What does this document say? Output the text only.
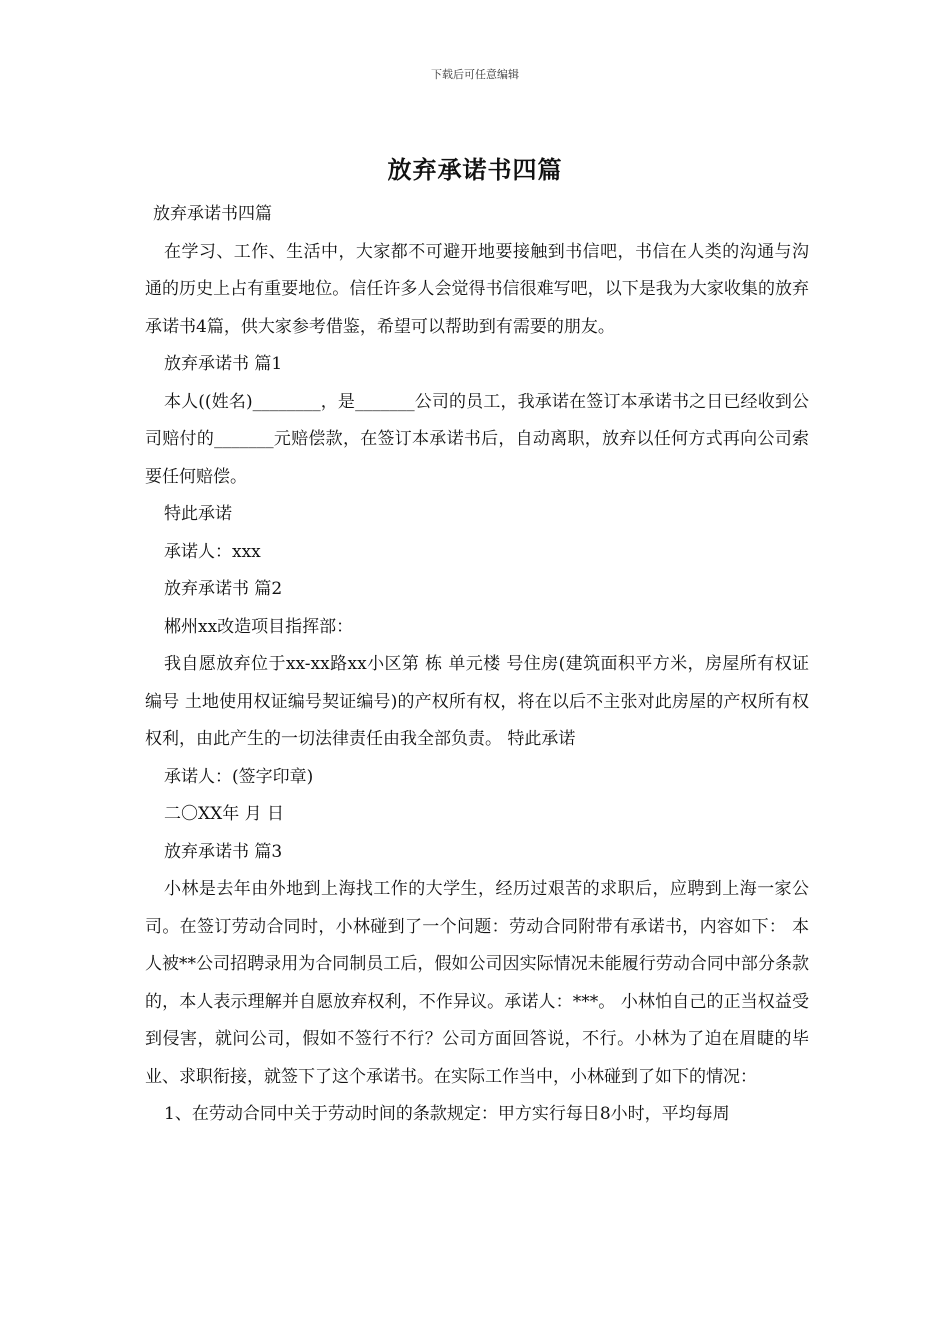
下载后可任意编辑
放弃承诺书四篇

放弃承诺书四篇

在学习、工作、生活中，大家都不可避开地要接触到书信吧，书信在人类的沟通与沟通的历史上占有重要地位。信任许多人会觉得书信很难写吧，以下是我为大家收集的放弃承诺书4篇，供大家参考借鉴，希望可以帮助到有需要的朋友。

放弃承诺书 篇1

本人((姓名)________，是_______公司的员工，我承诺在签订本承诺书之日已经收到公司赔付的_______元赔偿款，在签订本承诺书后，自动离职，放弃以任何方式再向公司索要任何赔偿。

特此承诺

承诺人：xxx

放弃承诺书 篇2

郴州xx改造项目指挥部：

我自愿放弃位于xx-xx路xx小区第 栋 单元楼 号住房(建筑面积平方米，房屋所有权证编号 土地使用权证编号契证编号)的产权所有权，将在以后不主张对此房屋的产权所有权权利，由此产生的一切法律责任由我全部负责。 特此承诺

承诺人：(签字印章)

二〇XX年 月 日

放弃承诺书 篇3

小林是去年由外地到上海找工作的大学生，经历过艰苦的求职后，应聘到上海一家公司。在签订劳动合同时，小林碰到了一个问题：劳动合同附带有承诺书，内容如下： 本人被**公司招聘录用为合同制员工后，假如公司因实际情况未能履行劳动合同中部分条款的，本人表示理解并自愿放弃权利，不作异议。承诺人：***。 小林怕自己的正当权益受到侵害，就问公司，假如不签行不行？公司方面回答说，不行。小林为了迫在眉睫的毕业、求职衔接，就签下了这个承诺书。在实际工作当中，小林碰到了如下的情况：

1、在劳动合同中关于劳动时间的条款规定：甲方实行每日8小时，平均每周
